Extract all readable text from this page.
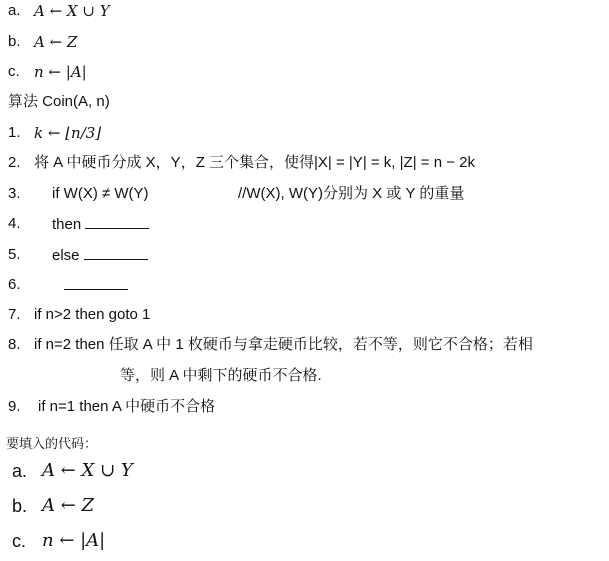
a. A ← X ∪ Y
b. A ← Z
c. n ← |A|
算法 Coin(A, n)
1. k ← ⌊n/3⌋
2. 将 A 中硬币分成 X，Y，Z 三个集合，使得|X| = |Y| = k, |Z| = n − 2k
3. if W(X) ≠ W(Y)	//W(X), W(Y)分别为 X 或 Y 的重量
4. then
5. else
6.
7. if n>2 then goto 1
8. if n=2 then 任取 A 中 1 枚硬币与拿走硬币比较，若不等，则它不合格；若相
等，则 A 中剩下的硬币不合格.
9. if n=1 then A 中硬币不合格
要填入的代码：
a. A ← X ∪ Y
b. A ← Z
c. n ← |A|
